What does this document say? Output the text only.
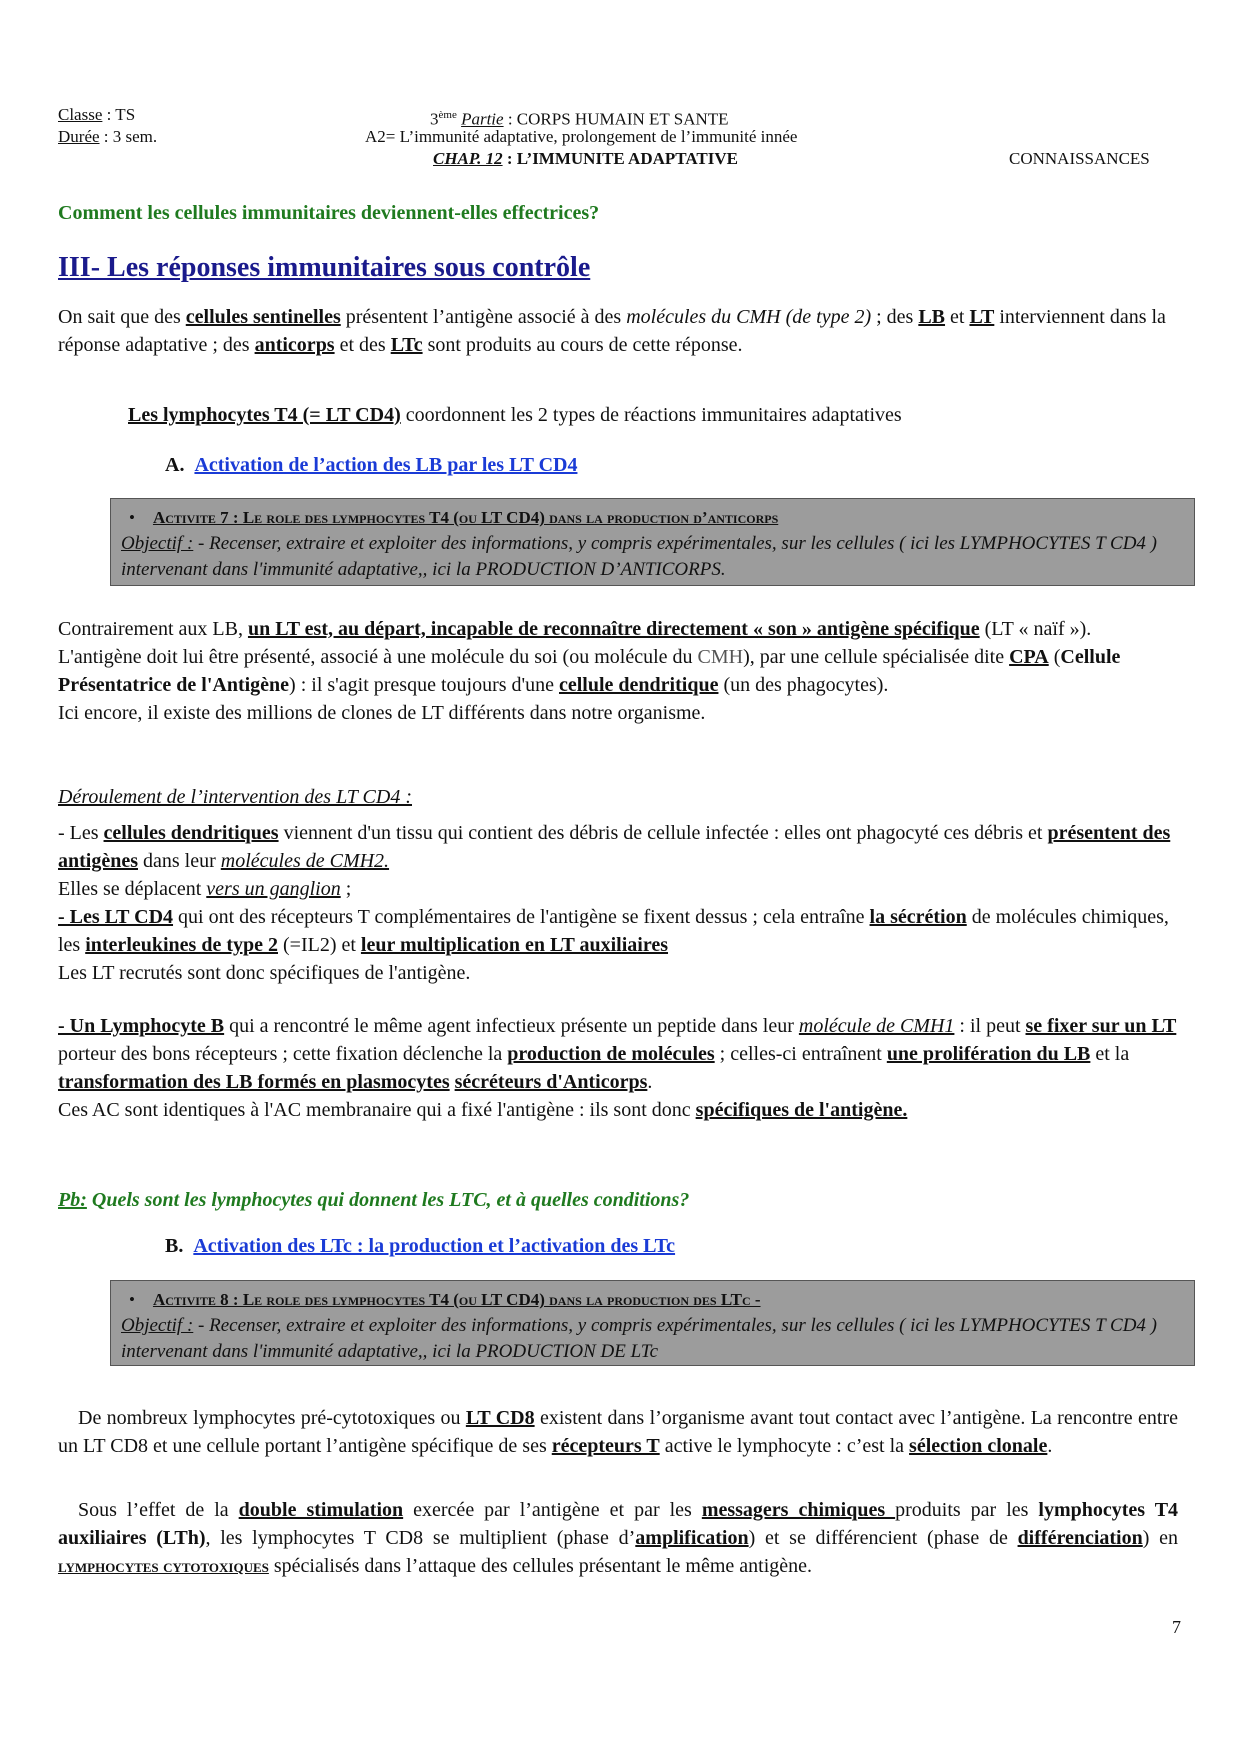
Classe : TS
Durée : 3 sem.
3ème Partie : CORPS HUMAIN ET SANTE
A2= L’immunité adaptative, prolongement de l’immunité innée
CHAP. 12 : L’IMMUNITE ADAPTATIVE	CONNAISSANCES
Comment les cellules immunitaires deviennent-elles effectrices?
III- Les réponses immunitaires sous contrôle
On sait que des cellules sentinelles présentent l’antigène associé à des molécules du CMH (de type 2) ; des LB et LT interviennent dans la réponse adaptative ; des anticorps et des LTc sont produits au cours de cette réponse.
Les lymphocytes T4 (= LT CD4) coordonnent les 2 types de réactions immunitaires adaptatives
A. Activation de l’action des LB par les LT CD4
• Activite 7 : Le role des lymphocytes T4 (ou LT CD4) dans la production d’anticorps
Objectif : - Recenser, extraire et exploiter des informations, y compris expérimentales, sur les cellules ( ici les LYMPHOCYTES T CD4 ) intervenant dans l'immunité adaptative,, ici la PRODUCTION D’ANTICORPS.
Contrairement aux LB, un LT est, au départ, incapable de reconnaître directement « son » antigène spécifique (LT « naïf »). L'antigène doit lui être présenté, associé à une molécule du soi (ou molécule du CMH), par une cellule spécialisée dite CPA (Cellule Présentatrice de l'Antigène) : il s'agit presque toujours d'une cellule dendritique (un des phagocytes).
Ici encore, il existe des millions de clones de LT différents dans notre organisme.
Déroulement de l’intervention des LT CD4 :
- Les cellules dendritiques viennent d'un tissu qui contient des débris de cellule infectée : elles ont phagocyté ces débris et présentent des antigènes dans leur molécules de CMH2.
Elles se déplacent vers un ganglion ;
- Les LT CD4 qui ont des récepteurs T complémentaires de l'antigène se fixent dessus ; cela entraîne la sécrétion de molécules chimiques, les interleukines de type 2 (=IL2) et leur multiplication en LT auxiliaires
Les LT recrutés sont donc spécifiques de l'antigène.
- Un Lymphocyte B qui a rencontré le même agent infectieux présente un peptide dans leur molécule de CMH1 : il peut se fixer sur un LT porteur des bons récepteurs ; cette fixation déclenche la production de molécules ; celles-ci entraînent une prolifération du LB et la transformation des LB formés en plasmocytes sécréteurs d'Anticorps.
Ces AC sont identiques à l'AC membranaire qui a fixé l'antigène : ils sont donc spécifiques de l'antigène.
Pb: Quels sont les lymphocytes qui donnent les LTC, et à quelles conditions?
B. Activation des LTc : la production et l’activation des LTc
• Activite 8 : Le role des lymphocytes T4 (ou LT CD4) dans la production des LTc -
Objectif : - Recenser, extraire et exploiter des informations, y compris expérimentales, sur les cellules ( ici les LYMPHOCYTES T CD4 ) intervenant dans l'immunité adaptative,, ici la PRODUCTION DE LTc
De nombreux lymphocytes pré-cytotoxiques ou LT CD8 existent dans l’organisme avant tout contact avec l’antigène. La rencontre entre un LT CD8 et une cellule portant l’antigène spécifique de ses récepteurs T active le lymphocyte : c’est la sélection clonale.
Sous l’effet de la double stimulation exercée par l’antigène et par les messagers chimiques produits par les lymphocytes T4 auxiliaires (LTh), les lymphocytes T CD8 se multiplient (phase d’amplification) et se différencient (phase de différenciation) en lymphocytes cytotoxiques spécialisés dans l’attaque des cellules présentant le même antigène.
7
